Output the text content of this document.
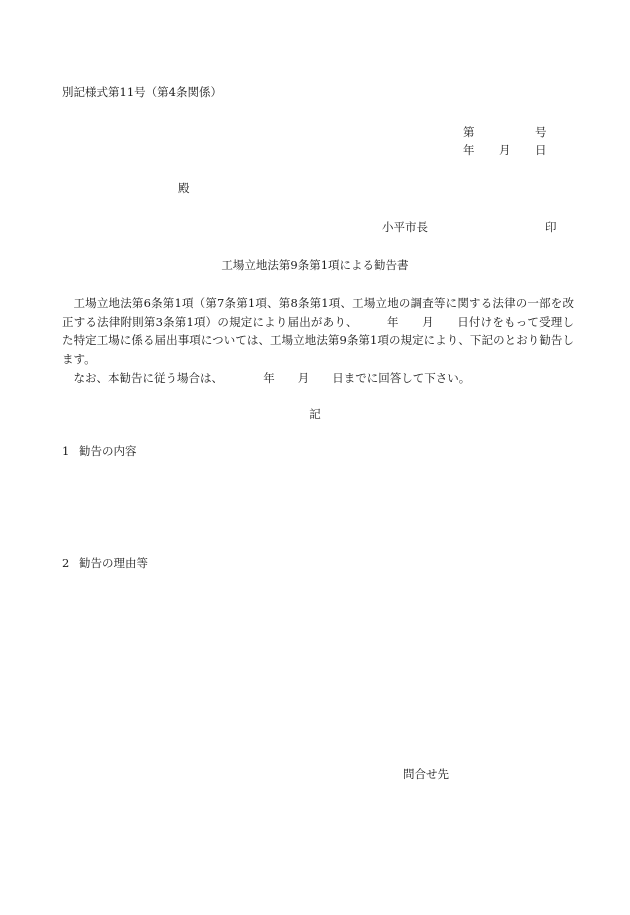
別記様式第11号（第4条関係）
第	号
年 月 日
殿
小平市長	印
工場立地法第9条第1項による勧告書

工場立地法第6条第1項（第7条第1項、第8条第1項、工場立地の調査等に関する法律の一部を改正する法律附則第3条第1項）の規定により届出があり、　　　年　　月　　日付けをもって受理した特定工場に係る届出事項については、工場立地法第9条第1項の規定により、下記のとおり勧告します。

なお、本勧告に従う場合は、　　　　年　　月　　日までに回答して下さい。

記
1 勧告の内容
2 勧告の理由等
問合せ先
